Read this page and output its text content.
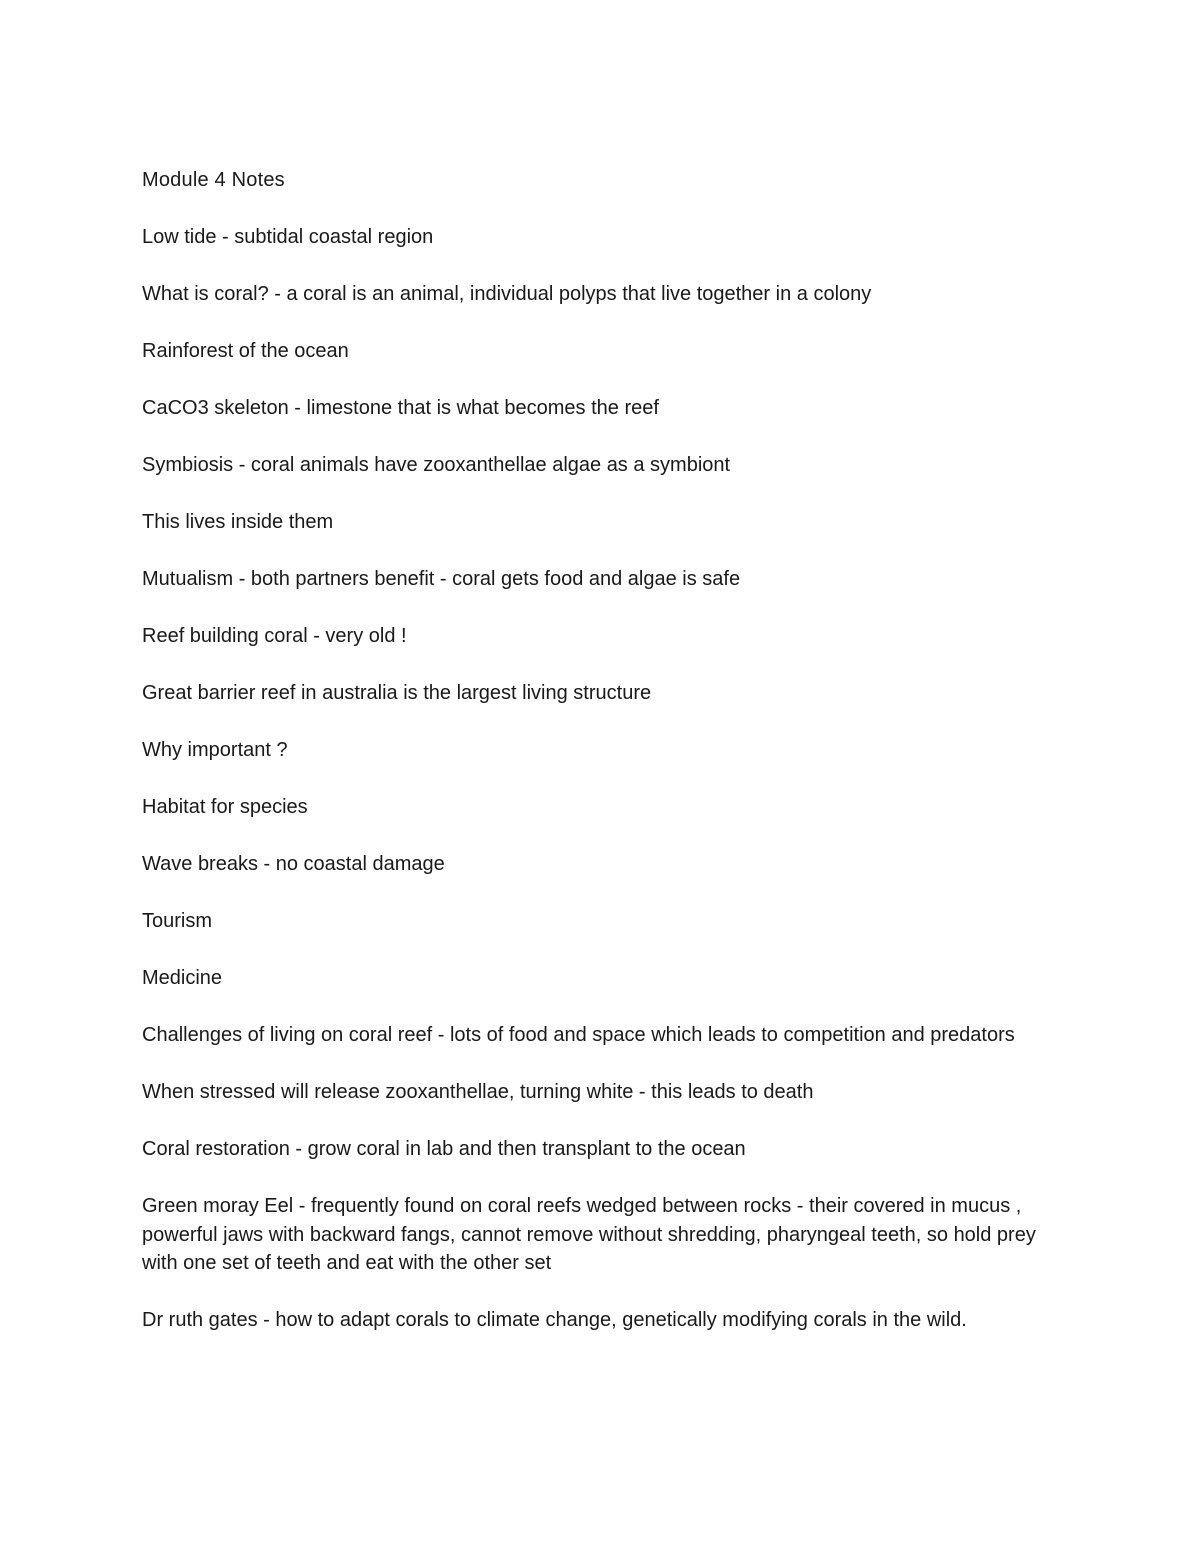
Module 4 Notes

Low tide - subtidal coastal region

What is coral? - a coral is an animal, individual polyps that live together in a colony

Rainforest of the ocean

CaCO3 skeleton - limestone that is what becomes the reef

Symbiosis - coral animals have zooxanthellae algae as a symbiont

This lives inside them

Mutualism - both partners benefit - coral gets food and algae is safe

Reef building coral - very old !

Great barrier reef in australia is the largest living structure

Why important ?

Habitat for species

Wave breaks - no coastal damage

Tourism

Medicine

Challenges of living on coral reef - lots of food and space which leads to competition and predators

When stressed will release zooxanthellae, turning white - this leads to death

Coral restoration - grow coral in lab and then transplant to the ocean

Green moray Eel - frequently found on coral reefs wedged between rocks - their covered in mucus , powerful jaws with backward fangs, cannot remove without shredding, pharyngeal teeth, so hold prey with one set of teeth and eat with the other set

Dr ruth gates - how to adapt corals to climate change, genetically modifying corals in the wild.
